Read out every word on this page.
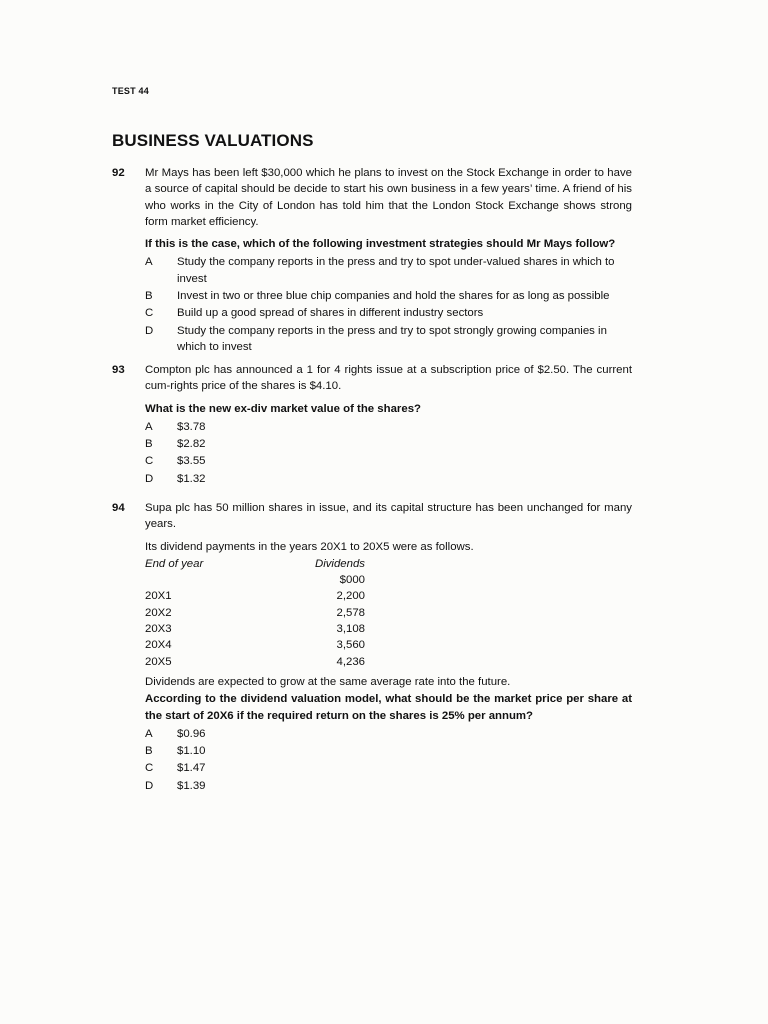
TEST 44
BUSINESS VALUATIONS
92 Mr Mays has been left $30,000 which he plans to invest on the Stock Exchange in order to have a source of capital should be decide to start his own business in a few years’ time. A friend of his who works in the City of London has told him that the London Stock Exchange shows strong form market efficiency.

If this is the case, which of the following investment strategies should Mr Mays follow?

A	Study the company reports in the press and try to spot under-valued shares in which to invest
B	Invest in two or three blue chip companies and hold the shares for as long as possible
C	Build up a good spread of shares in different industry sectors
D	Study the company reports in the press and try to spot strongly growing companies in which to invest
93 Compton plc has announced a 1 for 4 rights issue at a subscription price of $2.50. The current cum-rights price of the shares is $4.10.

What is the new ex-div market value of the shares?

A	$3.78
B	$2.82
C	$3.55
D	$1.32
94 Supa plc has 50 million shares in issue, and its capital structure has been unchanged for many years.

Its dividend payments in the years 20X1 to 20X5 were as follows.

End of year	Dividends
$000
20X1	2,200
20X2	2,578
20X3	3,108
20X4	3,560
20X5	4,236

Dividends are expected to grow at the same average rate into the future.

According to the dividend valuation model, what should be the market price per share at the start of 20X6 if the required return on the shares is 25% per annum?

A	$0.96
B	$1.10
C	$1.47
D	$1.39
